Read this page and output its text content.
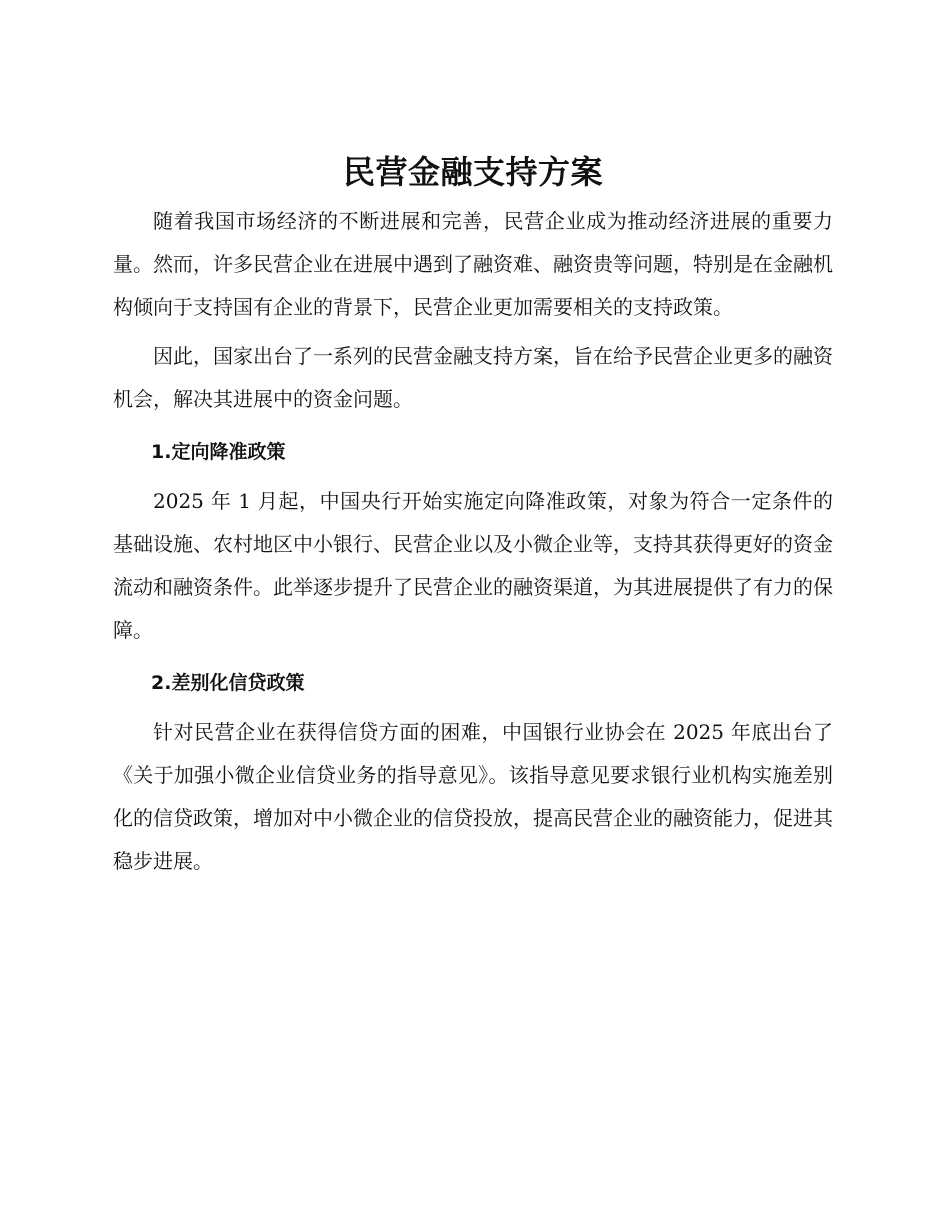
民营金融支持方案

随着我国市场经济的不断进展和完善，民营企业成为推动经济进展的重要力量。然而，许多民营企业在进展中遇到了融资难、融资贵等问题，特别是在金融机构倾向于支持国有企业的背景下，民营企业更加需要相关的支持政策。

因此，国家出台了一系列的民营金融支持方案，旨在给予民营企业更多的融资机会，解决其进展中的资金问题。

1.定向降准政策

2025 年 1 月起，中国央行开始实施定向降准政策，对象为符合一定条件的基础设施、农村地区中小银行、民营企业以及小微企业等，支持其获得更好的资金流动和融资条件。此举逐步提升了民营企业的融资渠道，为其进展提供了有力的保障。

2.差别化信贷政策

针对民营企业在获得信贷方面的困难，中国银行业协会在 2025 年底出台了《关于加强小微企业信贷业务的指导意见》。该指导意见要求银行业机构实施差别化的信贷政策，增加对中小微企业的信贷投放，提高民营企业的融资能力，促进其稳步进展。
